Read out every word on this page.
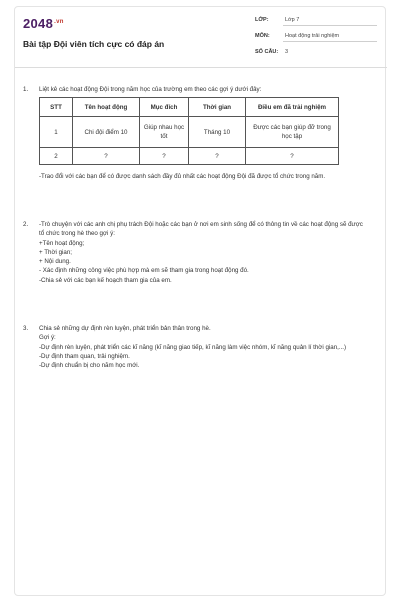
$2048^{.vn}$
Bài tập Đội viên tích cực có đáp án
LỚP:	Lớp 7
MÔN:	Hoạt động trải nghiệm
SỐ CÂU: 3
1. Liệt kê các hoạt động Đội trong năm học của trường em theo các gợi ý dưới đây:

STT	Tên hoạt động	Mục đích	Thời gian	Điều em đã trải nghiệm
1	Chi đội điểm 10	Giúp nhau học tốt	Tháng 10	Được các bạn giúp đỡ trong học tập
2	?	?	?	?

-Trao đổi với các bạn để có được danh sách đầy đủ nhất các hoạt động Đội đã được tổ chức trong năm.

2. -Trò chuyện với các anh chị phụ trách Đội hoặc các bạn ở nơi em sinh sống để có thông tin về các hoạt động sẽ được tổ chức trong hè theo gợi ý:

+Tên hoạt động;

+ Thời gian;

+ Nội dung.

- Xác định những công việc phù hợp mà em sẽ tham gia trong hoạt động đó.

-Chia sẻ với các bạn kế hoạch tham gia của em.

3. Chia sẻ những dự định rèn luyện, phát triển bản thân trong hè.

Gợi ý:

-Dự định rèn luyện, phát triển các kĩ năng (kĩ năng giao tiếp, kĩ năng làm việc nhóm, kĩ năng quản lí thời gian,...)

-Dự định tham quan, trải nghiệm.

-Dự định chuẩn bị cho năm học mới.
